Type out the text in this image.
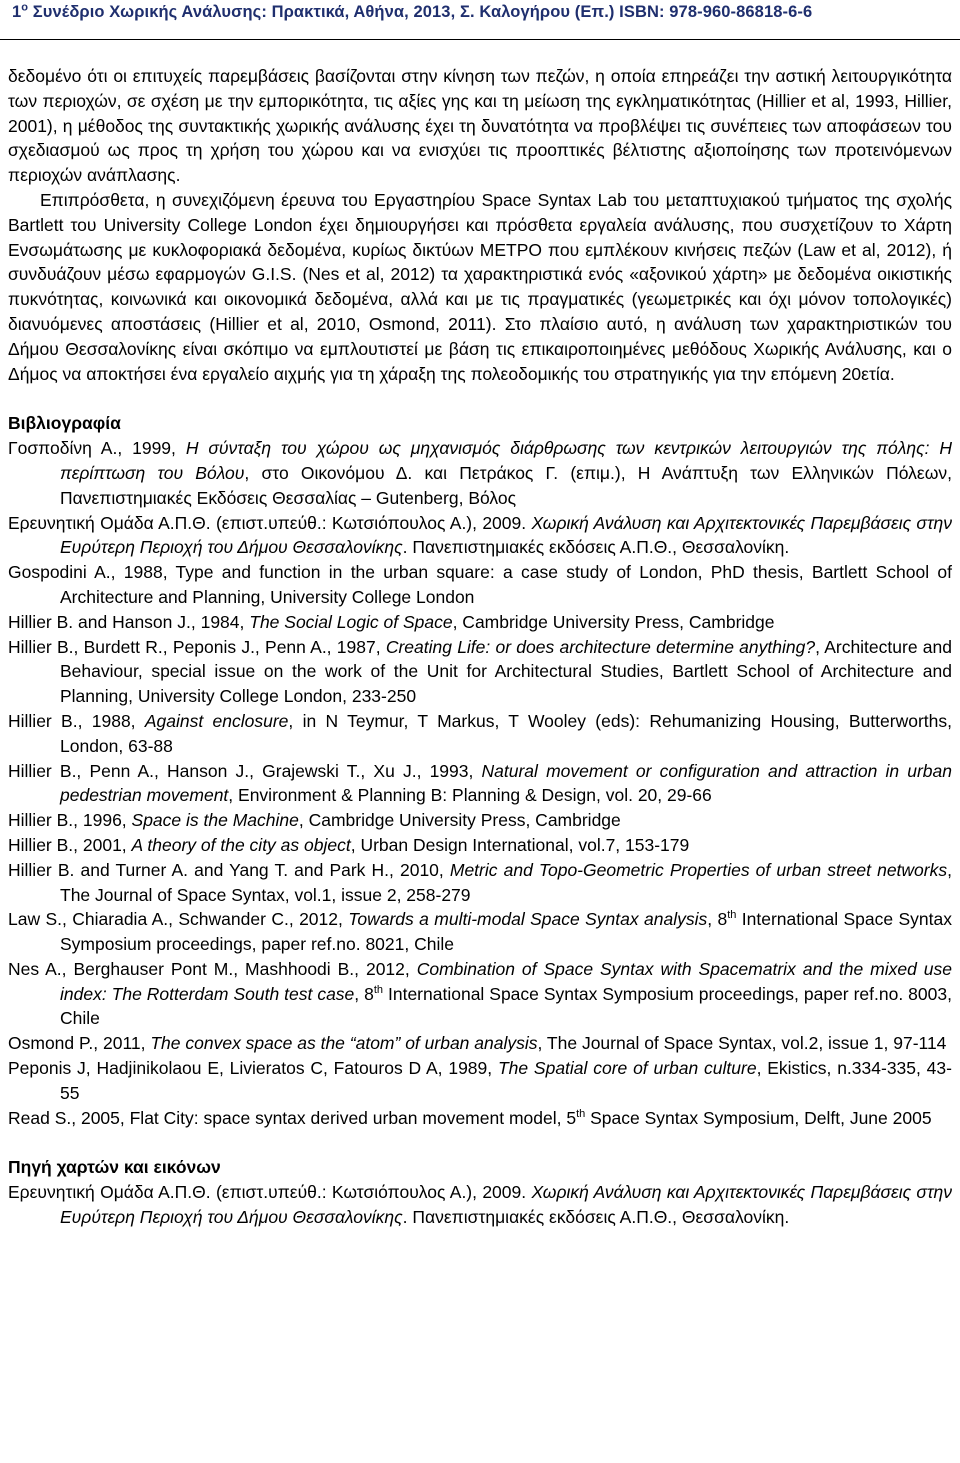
$1^o$ Συνέδριο Χωρικής Ανάλυσης: Πρακτικά, Αθήνα, 2013, Σ. Καλογήρου (Επ.) ISBN: 978-960-86818-6-6

δεδομένο ότι οι επιτυχείς παρεμβάσεις βασίζονται στην κίνηση των πεζών, η οποία επηρεάζει την αστική λειτουργικότητα των περιοχών, σε σχέση με την εμπορικότητα, τις αξίες γης και τη μείωση της εγκληματικότητας (Hillier et al, 1993, Hillier, 2001), η μέθοδος της συντακτικής χωρικής ανάλυσης έχει τη δυνατότητα να προβλέψει τις συνέπειες των αποφάσεων του σχεδιασμού ως προς τη χρήση του χώρου και να ενισχύει τις προοπτικές βέλτιστης αξιοποίησης των προτεινόμενων περιοχών ανάπλασης.

Επιπρόσθετα, η συνεχιζόμενη έρευνα του Εργαστηρίου Space Syntax Lab του μεταπτυχιακού τμήματος της σχολής Bartlett του University College London έχει δημιουργήσει και πρόσθετα εργαλεία ανάλυσης, που συσχετίζουν το Χάρτη Ενσωμάτωσης με κυκλοφοριακά δεδομένα, κυρίως δικτύων ΜΕΤΡΟ που εμπλέκουν κινήσεις πεζών (Law et al, 2012), ή συνδυάζουν μέσω εφαρμογών G.I.S. (Nes et al, 2012) τα χαρακτηριστικά ενός «αξονικού χάρτη» με δεδομένα οικιστικής πυκνότητας, κοινωνικά και οικονομικά δεδομένα, αλλά και με τις πραγματικές (γεωμετρικές και όχι μόνον τοπολογικές) διανυόμενες αποστάσεις (Hillier et al, 2010, Osmond, 2011). Στο πλαίσιο αυτό, η ανάλυση των χαρακτηριστικών του Δήμου Θεσσαλονίκης είναι σκόπιμο να εμπλουτιστεί με βάση τις επικαιροποιημένες μεθόδους Χωρικής Ανάλυσης, και ο Δήμος να αποκτήσει ένα εργαλείο αιχμής για τη χάραξη της πολεοδομικής του στρατηγικής για την επόμενη 20ετία.

Βιβλιογραφία

Γοσποδίνη Α., 1999, Η σύνταξη του χώρου ως μηχανισμός διάρθρωσης των κεντρικών λειτουργιών της πόλης: Η περίπτωση του Βόλου, στο Οικονόμου Δ. και Πετράκος Γ. (επιμ.), Η Ανάπτυξη των Ελληνικών Πόλεων, Πανεπιστημιακές Εκδόσεις Θεσσαλίας – Gutenberg, Βόλος

Ερευνητική Ομάδα Α.Π.Θ. (επιστ.υπεύθ.: Κωτσιόπουλος Α.), 2009. Χωρική Ανάλυση και Αρχιτεκτονικές Παρεμβάσεις στην Ευρύτερη Περιοχή του Δήμου Θεσσαλονίκης. Πανεπιστημιακές εκδόσεις Α.Π.Θ., Θεσσαλονίκη.

Gospodini A., 1988, Type and function in the urban square: a case study of London, PhD thesis, Bartlett School of Architecture and Planning, University College London

Hillier B. and Hanson J., 1984, The Social Logic of Space, Cambridge University Press, Cambridge

Hillier B., Burdett R., Peponis J., Penn A., 1987, Creating Life: or does architecture determine anything?, Architecture and Behaviour, special issue on the work of the Unit for Architectural Studies, Bartlett School of Architecture and Planning, University College London, 233-250

Hillier B., 1988, Against enclosure, in N Teymur, T Markus, T Wooley (eds): Rehumanizing Housing, Butterworths, London, 63-88

Hillier B., Penn A., Hanson J., Grajewski T., Xu J., 1993, Natural movement or configuration and attraction in urban pedestrian movement, Environment & Planning B: Planning & Design, vol. 20, 29-66

Hillier B., 1996, Space is the Machine, Cambridge University Press, Cambridge

Hillier B., 2001, A theory of the city as object, Urban Design International, vol.7, 153-179

Hillier B. and Turner A. and Yang T. and Park H., 2010, Metric and Topo-Geometric Properties of urban street networks, The Journal of Space Syntax, vol.1, issue 2, 258-279

Law S., Chiaradia A., Schwander C., 2012, Towards a multi-modal Space Syntax analysis, 8th International Space Syntax Symposium proceedings, paper ref.no. 8021, Chile

Nes A., Berghauser Pont M., Mashhoodi B., 2012, Combination of Space Syntax with Spacematrix and the mixed use index: The Rotterdam South test case, 8th International Space Syntax Symposium proceedings, paper ref.no. 8003, Chile

Osmond P., 2011, The convex space as the “atom” of urban analysis, The Journal of Space Syntax, vol.2, issue 1, 97-114

Peponis J, Hadjinikolaou E, Livieratos C, Fatouros D A, 1989, The Spatial core of urban culture, Ekistics, n.334-335, 43-55

Read S., 2005, Flat City: space syntax derived urban movement model, 5th Space Syntax Symposium, Delft, June 2005

Πηγή χαρτών και εικόνων

Ερευνητική Ομάδα Α.Π.Θ. (επιστ.υπεύθ.: Κωτσιόπουλος Α.), 2009. Χωρική Ανάλυση και Αρχιτεκτονικές Παρεμβάσεις στην Ευρύτερη Περιοχή του Δήμου Θεσσαλονίκης. Πανεπιστημιακές εκδόσεις Α.Π.Θ., Θεσσαλονίκη.
